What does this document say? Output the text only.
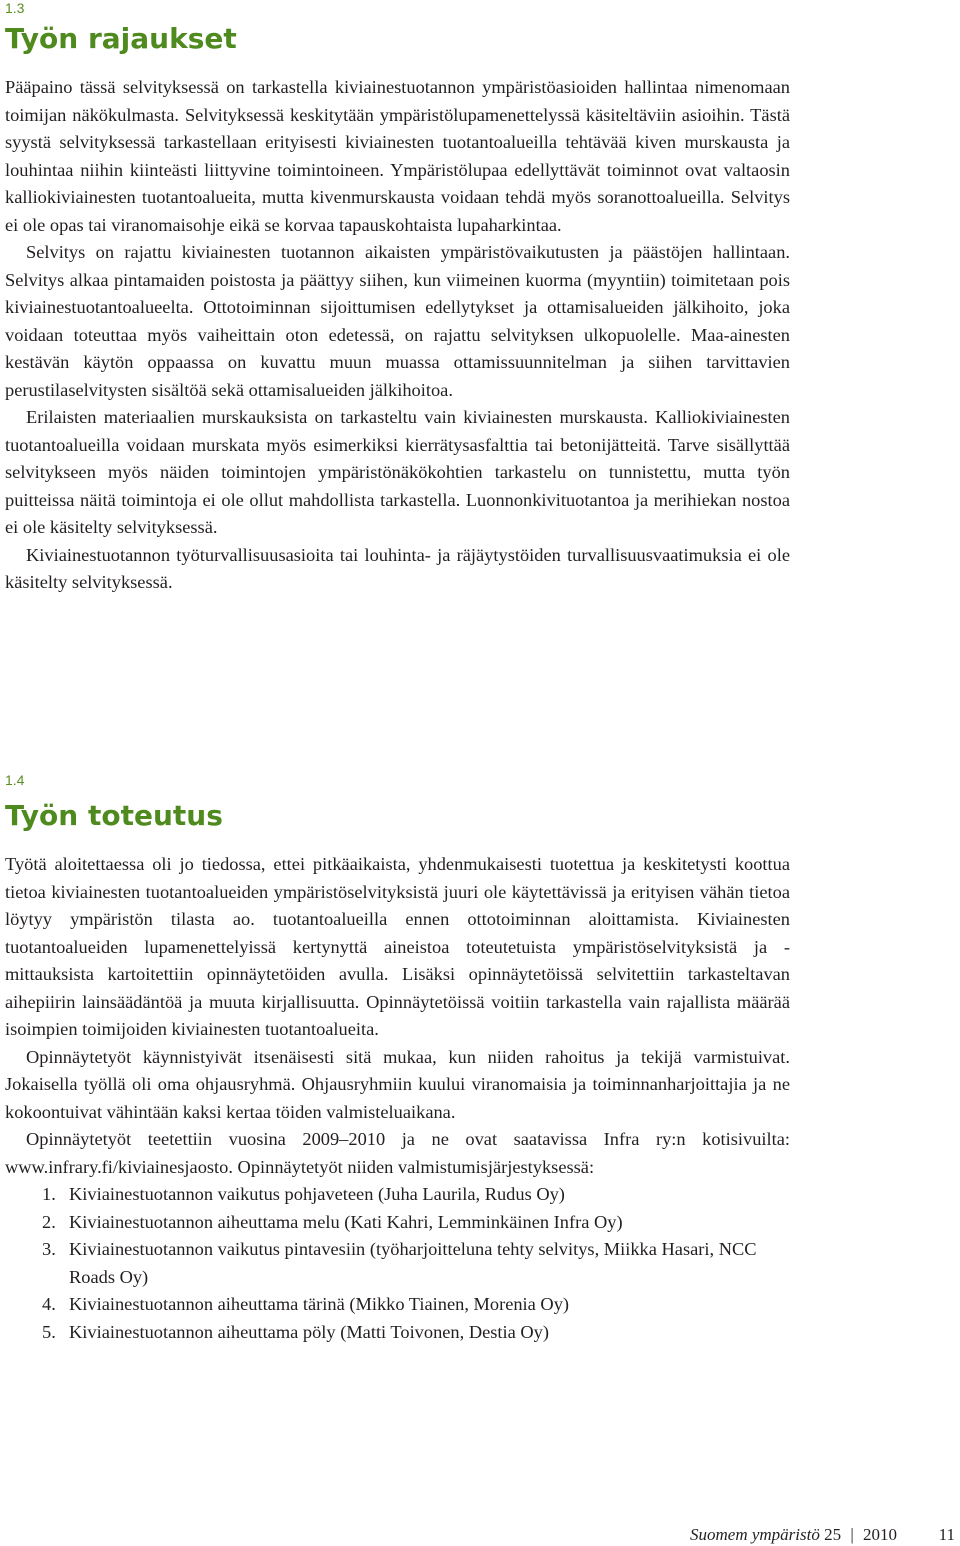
1.3
Työn rajaukset

Pääpaino tässä selvityksessä on tarkastella kiviainestuotannon ympäristöasioiden hallintaa nimenomaan toimijan näkökulmasta. Selvityksessä keskitytään ympäristölupamenettelyssä käsiteltäviin asioihin. Tästä syystä selvityksessä tarkastellaan erityisesti kiviainesten tuotantoalueilla tehtävää kiven murskausta ja louhintaa niihin kiinteästi liittyvine toimintoineen. Ympäristölupaa edellyttävät toiminnot ovat valtaosin kalliokiviainesten tuotantoalueita, mutta kivenmurskausta voidaan tehdä myös soranottoalueilla. Selvitys ei ole opas tai viranomaisohje eikä se korvaa tapauskohtaista lupaharkintaa.

Selvitys on rajattu kiviainesten tuotannon aikaisten ympäristövaikutusten ja päästöjen hallintaan. Selvitys alkaa pintamaiden poistosta ja päättyy siihen, kun viimeinen kuorma (myyntiin) toimitetaan pois kiviainestuotantoalueelta. Ottotoiminnan sijoittumisen edellytykset ja ottamisalueiden jälkihoito, joka voidaan toteuttaa myös vaiheittain oton edetessä, on rajattu selvityksen ulkopuolelle. Maa-ainesten kestävän käytön oppaassa on kuvattu muun muassa ottamissuunnitelman ja siihen tarvittavien perustilaselvitysten sisältöä sekä ottamisalueiden jälkihoitoa.

Erilaisten materiaalien murskauksista on tarkasteltu vain kiviainesten murskausta. Kalliokiviainesten tuotantoalueilla voidaan murskata myös esimerkiksi kierrätysasfalttia tai betonijätteitä. Tarve sisällyttää selvitykseen myös näiden toimintojen ympäristönäkökohtien tarkastelu on tunnistettu, mutta työn puitteissa näitä toimintoja ei ole ollut mahdollista tarkastella. Luonnonkivituotantoa ja merihiekan nostoa ei ole käsitelty selvityksessä.

Kiviainestuotannon työturvallisuusasioita tai louhinta- ja räjäytystöiden turvallisuusvaatimuksia ei ole käsitelty selvityksessä.

1.4
Työn toteutus

Työtä aloitettaessa oli jo tiedossa, ettei pitkäaikaista, yhdenmukaisesti tuotettua ja keskitetysti koottua tietoa kiviainesten tuotantoalueiden ympäristöselvityksistä juuri ole käytettävissä ja erityisen vähän tietoa löytyy ympäristön tilasta ao. tuotantoalueilla ennen ottotoiminnan aloittamista. Kiviainesten tuotantoalueiden lupamenettelyissä kertynyttä aineistoa toteutetuista ympäristöselvityksistä ja -mittauksista kartoitettiin opinnäytetöiden avulla. Lisäksi opinnäytetöissä selvitettiin tarkasteltavan aihepiirin lainsäädäntöä ja muuta kirjallisuutta. Opinnäytetöissä voitiin tarkastella vain rajallista määrää isoimpien toimijoiden kiviainesten tuotantoalueita.

Opinnäytetyöt käynnistyivät itsenäisesti sitä mukaa, kun niiden rahoitus ja tekijä varmistuivat. Jokaisella työllä oli oma ohjausryhmä. Ohjausryhmiin kuului viranomaisia ja toiminnanharjoittajia ja ne kokoontuivat vähintään kaksi kertaa töiden valmisteluaikana.

Opinnäytetyöt teetettiin vuosina 2009–2010 ja ne ovat saatavissa Infra ry:n kotisivuilta: www.infrary.fi/kiviainesjaosto. Opinnäytetyöt niiden valmistumisjärjestyksessä:

1. Kiviainestuotannon vaikutus pohjaveteen (Juha Laurila, Rudus Oy)
2. Kiviainestuotannon aiheuttama melu (Kati Kahri, Lemminkäinen Infra Oy)
3. Kiviainestuotannon vaikutus pintavesiin (työharjoitteluna tehty selvitys, Miikka Hasari, NCC Roads Oy)
4. Kiviainestuotannon aiheuttama tärinä (Mikko Tiainen, Morenia Oy)
5. Kiviainestuotannon aiheuttama pöly (Matti Toivonen, Destia Oy)
Suomem ympäristö 25 | 2010 11
